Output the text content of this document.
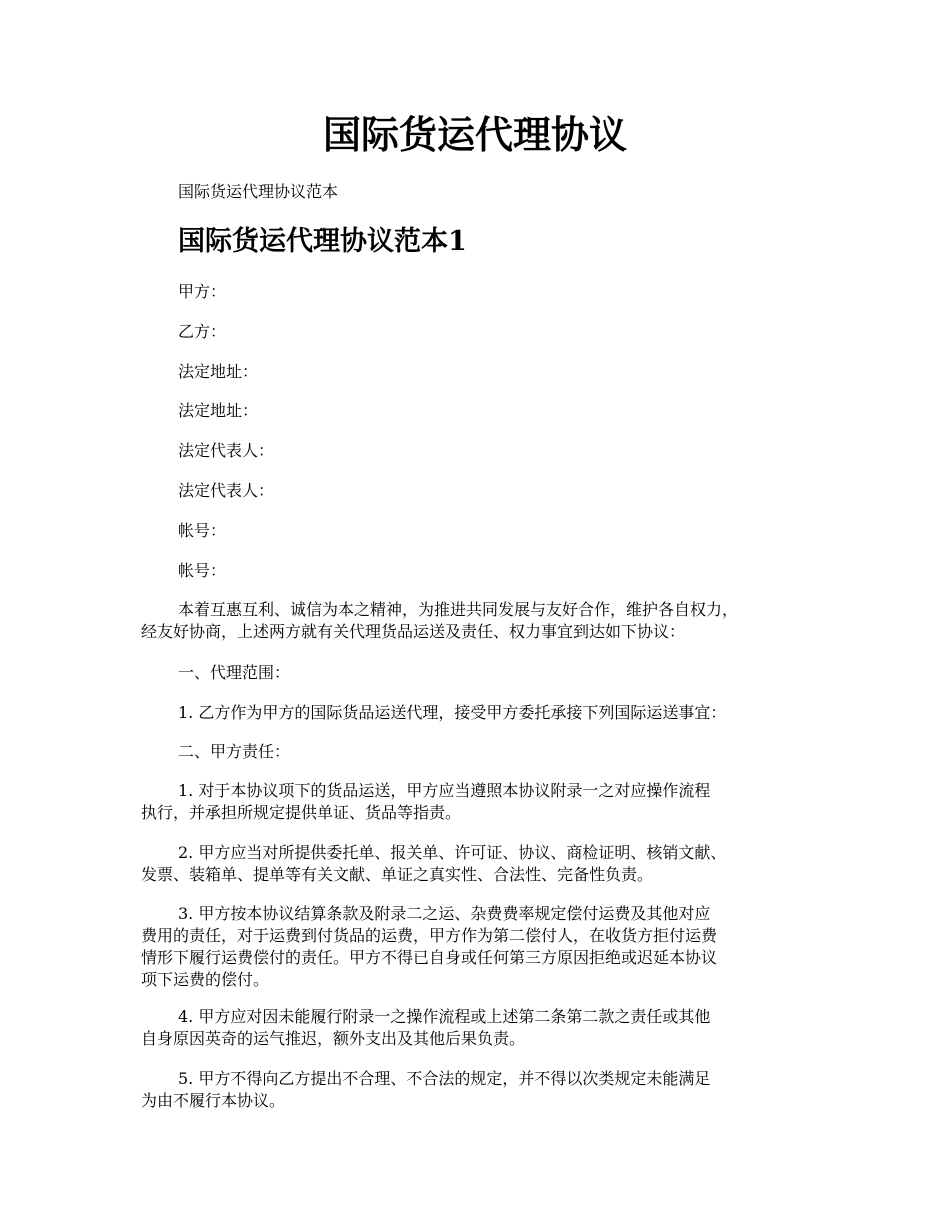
国际货运代理协议
国际货运代理协议范本
国际货运代理协议范本1
甲方：
乙方：
法定地址：
法定地址：
法定代表人：
法定代表人：
帐号：
帐号：
本着互惠互利、诚信为本之精神，为推进共同发展与友好合作，维护各自权力，
经友好协商，上述两方就有关代理货品运送及责任、权力事宜到达如下协议：
一、代理范围：
1. 乙方作为甲方的国际货品运送代理，接受甲方委托承接下列国际运送事宜：
二、甲方责任：
1. 对于本协议项下的货品运送，甲方应当遵照本协议附录一之对应操作流程
执行，并承担所规定提供单证、货品等指责。
2. 甲方应当对所提供委托单、报关单、许可证、协议、商检证明、核销文献、
发票、装箱单、提单等有关文献、单证之真实性、合法性、完备性负责。
3. 甲方按本协议结算条款及附录二之运、杂费费率规定偿付运费及其他对应
费用的责任，对于运费到付货品的运费，甲方作为第二偿付人，在收货方拒付运费
情形下履行运费偿付的责任。甲方不得已自身或任何第三方原因拒绝或迟延本协议
项下运费的偿付。
4. 甲方应对因未能履行附录一之操作流程或上述第二条第二款之责任或其他
自身原因英奇的运气推迟，额外支出及其他后果负责。
5. 甲方不得向乙方提出不合理、不合法的规定，并不得以次类规定未能满足
为由不履行本协议。
